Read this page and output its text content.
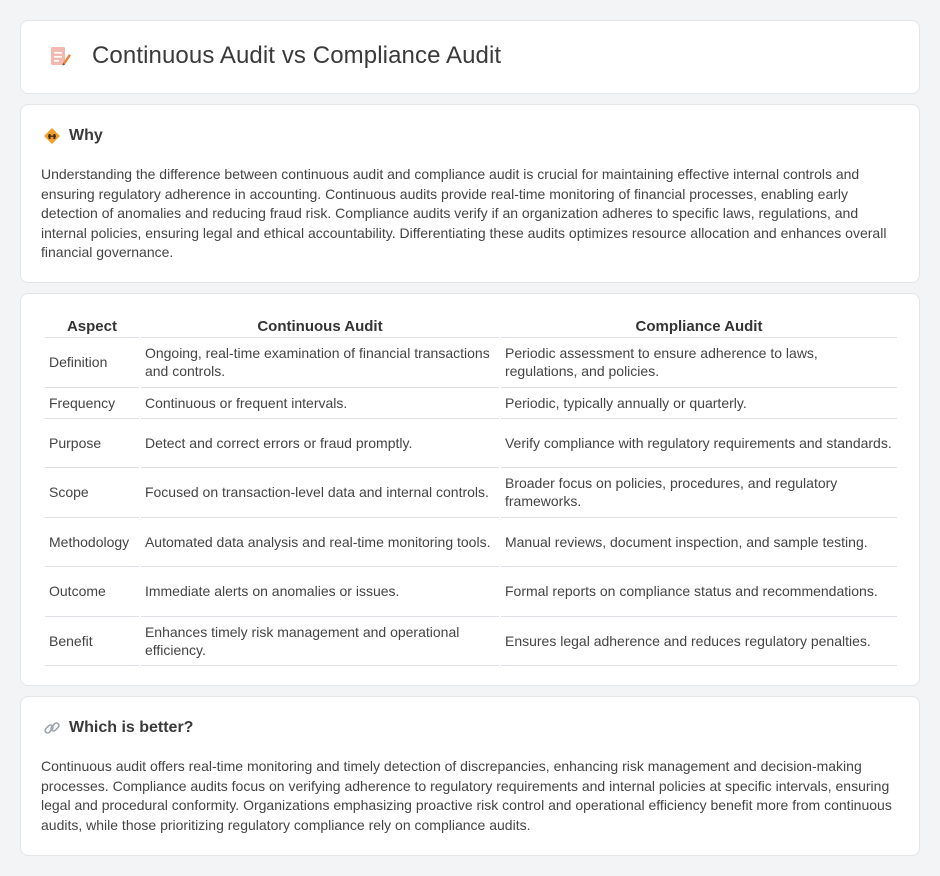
Continuous Audit vs Compliance Audit
Why

Understanding the difference between continuous audit and compliance audit is crucial for maintaining effective internal controls and ensuring regulatory adherence in accounting. Continuous audits provide real-time monitoring of financial processes, enabling early detection of anomalies and reducing fraud risk. Compliance audits verify if an organization adheres to specific laws, regulations, and internal policies, ensuring legal and ethical accountability. Differentiating these audits optimizes resource allocation and enhances overall financial governance.

Aspect	Continuous Audit	Compliance Audit
Definition	Ongoing, real-time examination of financial transactions and controls.	Periodic assessment to ensure adherence to laws, regulations, and policies.
Frequency	Continuous or frequent intervals.	Periodic, typically annually or quarterly.
Purpose	Detect and correct errors or fraud promptly.	Verify compliance with regulatory requirements and standards.
Scope	Focused on transaction-level data and internal controls.	Broader focus on policies, procedures, and regulatory frameworks.
Methodology	Automated data analysis and real-time monitoring tools.	Manual reviews, document inspection, and sample testing.
Outcome	Immediate alerts on anomalies or issues.	Formal reports on compliance status and recommendations.
Benefit	Enhances timely risk management and operational efficiency.	Ensures legal adherence and reduces regulatory penalties.
Which is better?

Continuous audit offers real-time monitoring and timely detection of discrepancies, enhancing risk management and decision-making processes. Compliance audits focus on verifying adherence to regulatory requirements and internal policies at specific intervals, ensuring legal and procedural conformity. Organizations emphasizing proactive risk control and operational efficiency benefit more from continuous audits, while those prioritizing regulatory compliance rely on compliance audits.
